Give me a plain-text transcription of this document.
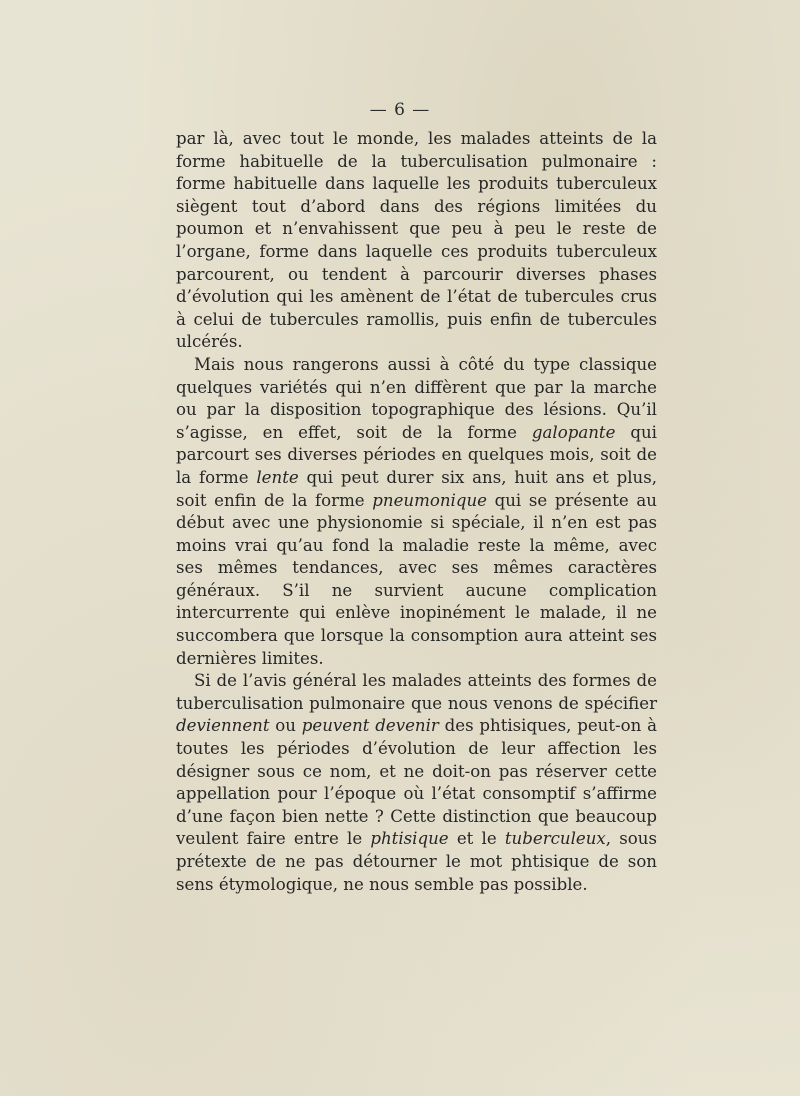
— 6 —

par là, avec tout le monde, les malades atteints de la forme habituelle de la tuberculisation pulmonaire : forme habituelle dans laquelle les produits tuberculeux siègent tout d’abord dans des régions limitées du poumon et n’envahissent que peu à peu le reste de l’organe, forme dans laquelle ces produits tuberculeux parcourent, ou tendent à parcourir diverses phases d’évolution qui les amènent de l’état de tubercules crus à celui de tubercules ramollis, puis enfin de tubercules ulcérés.

Mais nous rangerons aussi à côté du type classique quelques variétés qui n’en diffèrent que par la marche ou par la disposition topographique des lésions. Qu’il s’agisse, en effet, soit de la forme galopante qui parcourt ses diverses périodes en quelques mois, soit de la forme lente qui peut durer six ans, huit ans et plus, soit enfin de la forme pneumonique qui se présente au début avec une physionomie si spéciale, il n’en est pas moins vrai qu’au fond la maladie reste la même, avec ses mêmes tendances, avec ses mêmes caractères généraux. S’il ne survient aucune complication intercurrente qui enlève inopinément le malade, il ne succombera que lorsque la consomption aura atteint ses dernières limites.

Si de l’avis général les malades atteints des formes de tuberculisation pulmonaire que nous venons de spécifier deviennent ou peuvent devenir des phtisiques, peut-on à toutes les périodes d’évolution de leur affection les désigner sous ce nom, et ne doit-on pas réserver cette appellation pour l’époque où l’état consomptif s’affirme d’une façon bien nette ? Cette distinction que beaucoup veulent faire entre le phtisique et le tuberculeux, sous prétexte de ne pas détourner le mot phtisique de son sens étymologique, ne nous semble pas possible.
